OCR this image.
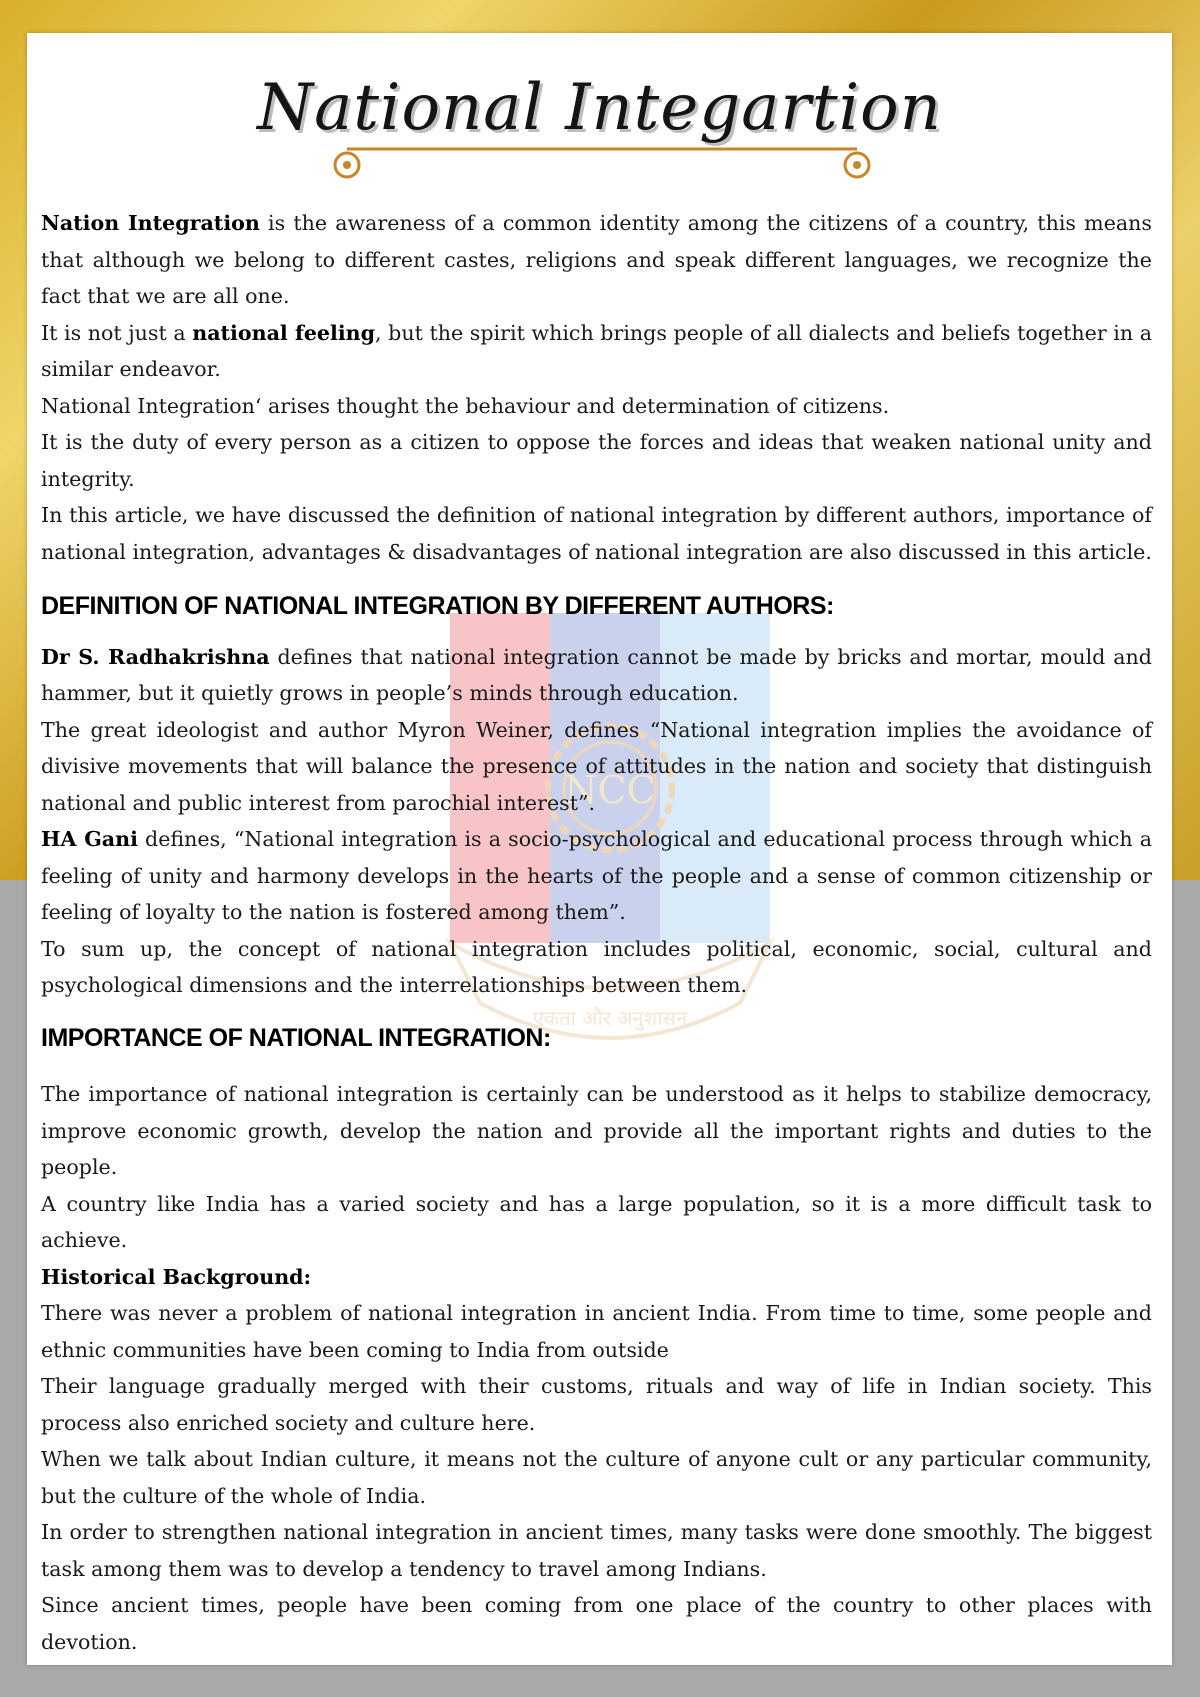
NCC
एकता और अनुशासन
National Integartion

Nation Integration is the awareness of a common identity among the citizens of a country, this means that although we belong to different castes, religions and speak different languages, we recognize the fact that we are all one.

It is not just a national feeling, but the spirit which brings people of all dialects and beliefs together in a similar endeavor.

National Integration‘ arises thought the behaviour and determination of citizens.

It is the duty of every person as a citizen to oppose the forces and ideas that weaken national unity and integrity.

In this article, we have discussed the definition of national integration by different authors, importance of national integration, advantages & disadvantages of national integration are also discussed in this article.

DEFINITION OF NATIONAL INTEGRATION BY DIFFERENT AUTHORS:

Dr S. Radhakrishna defines that national integration cannot be made by bricks and mortar, mould and hammer, but it quietly grows in people’s minds through education.

The great ideologist and author Myron Weiner, defines “National integration implies the avoidance of divisive movements that will balance the presence of attitudes in the nation and society that distinguish national and public interest from parochial interest”.

HA Gani defines, “National integration is a socio-psychological and educational process through which a feeling of unity and harmony develops in the hearts of the people and a sense of common citizenship or feeling of loyalty to the nation is fostered among them”.

To sum up, the concept of national integration includes political, economic, social, cultural and psychological dimensions and the interrelationships between them.

IMPORTANCE OF NATIONAL INTEGRATION:

The importance of national integration is certainly can be understood as it helps to stabilize democracy, improve economic growth, develop the nation and provide all the important rights and duties to the people.

A country like India has a varied society and has a large population, so it is a more difficult task to achieve.

Historical Background:

There was never a problem of national integration in ancient India. From time to time, some people and ethnic communities have been coming to India from outside

Their language gradually merged with their customs, rituals and way of life in Indian society. This process also enriched society and culture here.

When we talk about Indian culture, it means not the culture of anyone cult or any particular community, but the culture of the whole of India.

In order to strengthen national integration in ancient times, many tasks were done smoothly. The biggest task among them was to develop a tendency to travel among Indians.

Since ancient times, people have been coming from one place of the country to other places with devotion.
